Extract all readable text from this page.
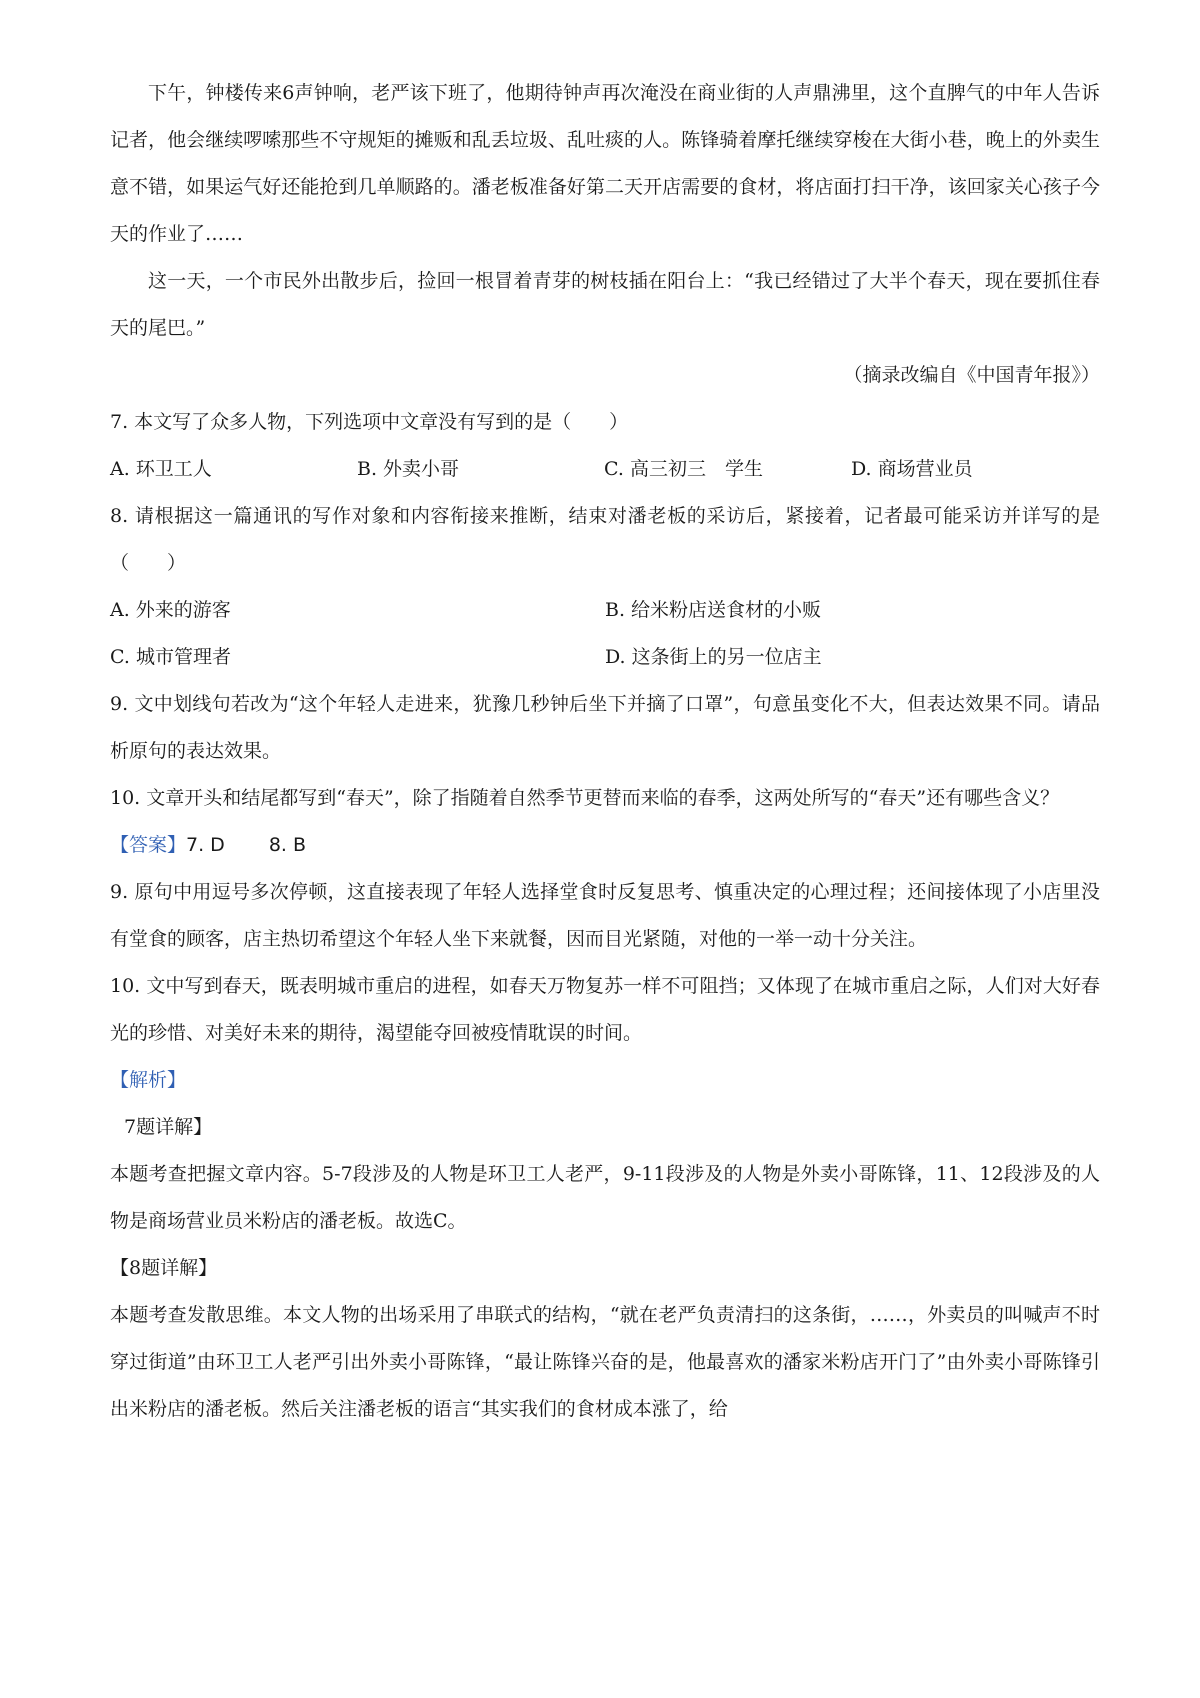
下午，钟楼传来6声钟响，老严该下班了，他期待钟声再次淹没在商业街的人声鼎沸里，这个直脾气的中年人告诉记者，他会继续啰嗦那些不守规矩的摊贩和乱丢垃圾、乱吐痰的人。陈锋骑着摩托继续穿梭在大街小巷，晚上的外卖生意不错，如果运气好还能抢到几单顺路的。潘老板准备好第二天开店需要的食材，将店面打扫干净，该回家关心孩子今天的作业了……

这一天，一个市民外出散步后，捡回一根冒着青芽的树枝插在阳台上：“我已经错过了大半个春天，现在要抓住春天的尾巴。”

（摘录改编自《中国青年报》）

7. 本文写了众多人物，下列选项中文章没有写到的是（　　）

A. 环卫工人	B. 外卖小哥	C. 高三初三　学生	D. 商场营业员

8. 请根据这一篇通讯的写作对象和内容衔接来推断，结束对潘老板的采访后，紧接着，记者最可能采访并详写的是（　　）

A. 外来的游客	B. 给米粉店送食材的小贩
C. 城市管理者	D. 这条街上的另一位店主

9. 文中划线句若改为“这个年轻人走进来，犹豫几秒钟后坐下并摘了口罩”，句意虽变化不大，但表达效果不同。请品析原句的表达效果。

10. 文章开头和结尾都写到“春天”，除了指随着自然季节更替而来临的春季，这两处所写的“春天”还有哪些含义？

【答案】7. D 8. B

9. 原句中用逗号多次停顿，这直接表现了年轻人选择堂食时反复思考、慎重决定的心理过程；还间接体现了小店里没有堂食的顾客，店主热切希望这个年轻人坐下来就餐，因而目光紧随，对他的一举一动十分关注。

10. 文中写到春天，既表明城市重启的进程，如春天万物复苏一样不可阻挡；又体现了在城市重启之际，人们对大好春光的珍惜、对美好未来的期待，渴望能夺回被疫情耽误的时间。

【解析】

7题详解】

本题考查把握文章内容。5-7段涉及的人物是环卫工人老严，9-11段涉及的人物是外卖小哥陈锋，11、12段涉及的人物是商场营业员米粉店的潘老板。故选C。

【8题详解】

本题考查发散思维。本文人物的出场采用了串联式的结构，“就在老严负责清扫的这条街，……，外卖员的叫喊声不时穿过街道”由环卫工人老严引出外卖小哥陈锋，“最让陈锋兴奋的是，他最喜欢的潘家米粉店开门了”由外卖小哥陈锋引出米粉店的潘老板。然后关注潘老板的语言“其实我们的食材成本涨了，给
